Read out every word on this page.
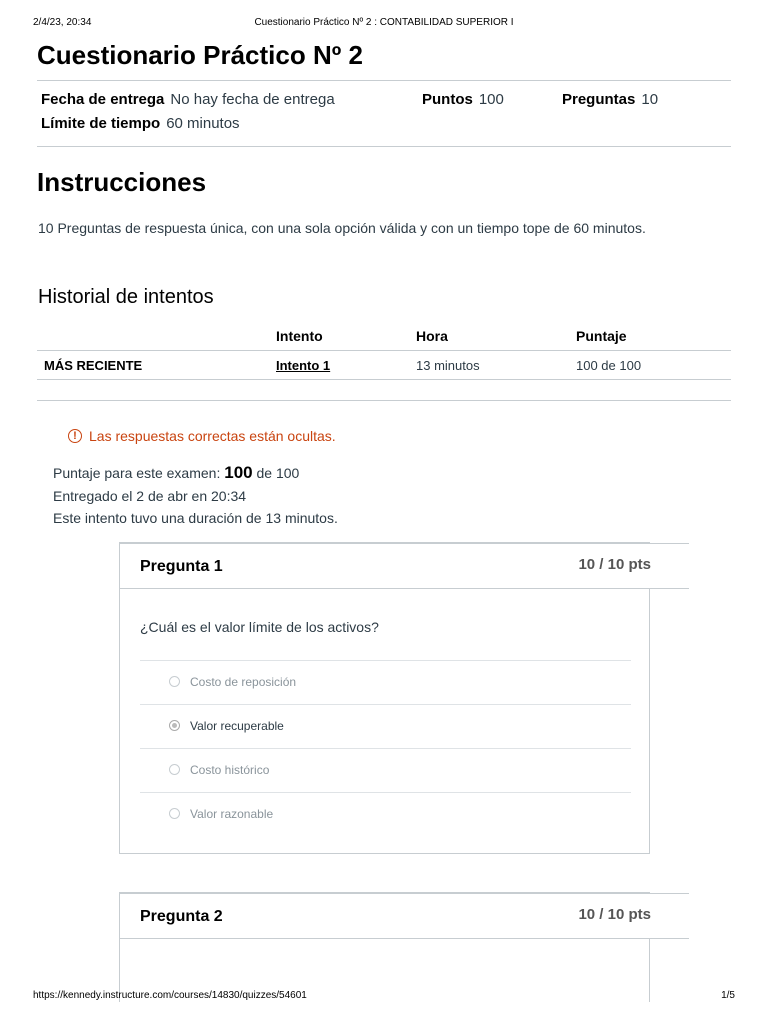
2/4/23, 20:34	Cuestionario Práctico Nº 2 : CONTABILIDAD SUPERIOR I
Cuestionario Práctico Nº 2
Fecha de entrega No hay fecha de entrega	Puntos 100	Preguntas 10
Límite de tiempo 60 minutos
Instrucciones
10 Preguntas de respuesta única, con una sola opción válida y con un tiempo tope de 60 minutos.
Historial de intentos
	Intento	Hora	Puntaje
MÁS RECIENTE	Intento 1	13 minutos	100 de 100
! Las respuestas correctas están ocultas.
Puntaje para este examen: 100 de 100
Entregado el 2 de abr en 20:34
Este intento tuvo una duración de 13 minutos.
Pregunta 1	10 / 10 pts
¿Cuál es el valor límite de los activos?
Costo de reposición
Valor recuperable
Costo histórico
Valor razonable
Pregunta 2	10 / 10 pts
https://kennedy.instructure.com/courses/14830/quizzes/54601	1/5
